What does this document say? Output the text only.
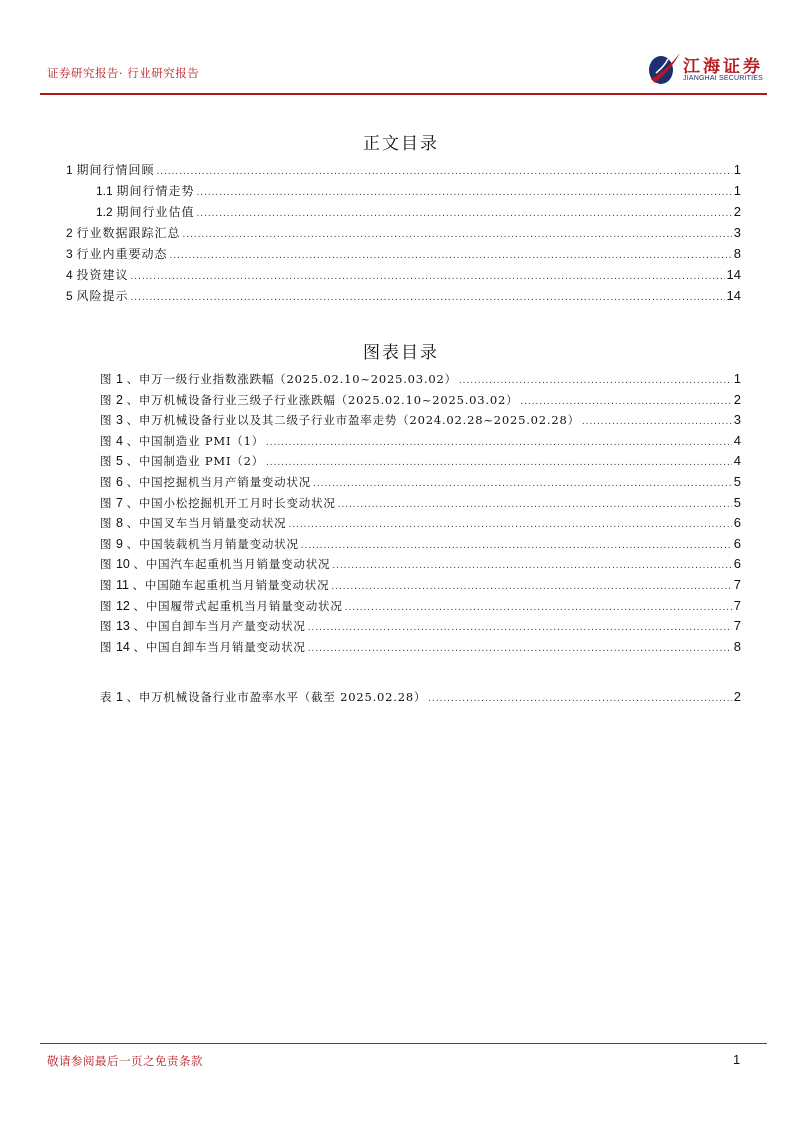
证券研究报告· 行业研究报告	江海证券
JIANGHAI SECURITIES
正文目录
1 期间行情回顾 .....	1
1.1 期间行情走势 .....	1
1.2 期间行业估值 .....	2
2 行业数据跟踪汇总 .....	3
3 行业内重要动态 .....	8
4 投资建议 .....	14
5 风险提示 .....	14
图表目录
图 1 、申万一级行业指数涨跌幅（2025.02.10~2025.03.02） .....	1
图 2 、申万机械设备行业三级子行业涨跌幅（2025.02.10~2025.03.02） .....	2
图 3 、申万机械设备行业以及其二级子行业市盈率走势（2024.02.28~2025.02.28） .....	3
图 4 、中国制造业 PMI（1） .....	4
图 5 、中国制造业 PMI（2） .....	4
图 6 、中国挖掘机当月产销量变动状况 .....	5
图 7 、中国小松挖掘机开工月时长变动状况 .....	5
图 8 、中国叉车当月销量变动状况 .....	6
图 9 、中国装载机当月销量变动状况 .....	6
图 10 、中国汽车起重机当月销量变动状况 .....	6
图 11 、中国随车起重机当月销量变动状况 .....	7
图 12 、中国履带式起重机当月销量变动状况 .....	7
图 13 、中国自卸车当月产量变动状况 .....	7
图 14 、中国自卸车当月销量变动状况 .....	8
表 1 、申万机械设备行业市盈率水平（截至 2025.02.28） .....	2
敬请参阅最后一页之免责条款	1
